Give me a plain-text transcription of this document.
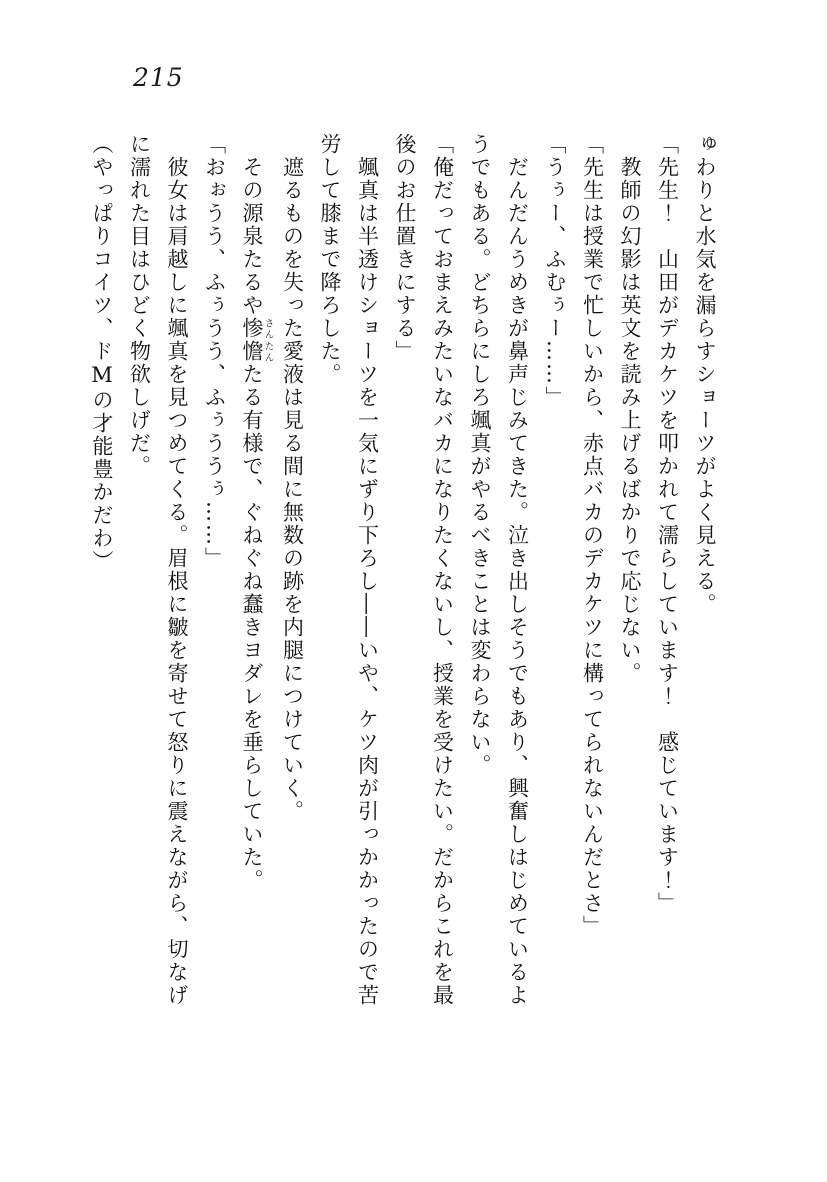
215

ゅわりと水気を漏らすショーツがよく見える。

「先生！　山田がデカケツを叩かれて濡らしています！　感じています！」

教師の幻影は英文を読み上げるばかりで応じない。

「先生は授業で忙しいから、赤点バカのデカケツに構ってられないんだとさ」

「うぅー、ふむぅー……」

だんだんうめきが鼻声じみてきた。泣き出しそうでもあり、興奮しはじめているよ

うでもある。どちらにしろ颯真がやるべきことは変わらない。

「俺だっておまえみたいなバカになりたくないし、授業を受けたい。だからこれを最

後のお仕置きにする」

颯真は半透けショーツを一気にずり下ろし――いや、ケツ肉が引っかかったので苦

労して膝まで降ろした。

遮るものを失った愛液は見る間に無数の跡を内腿につけていく。

その源泉たるや惨憺さんたんたる有様で、ぐねぐね蠢きヨダレを垂らしていた。

「おぉうう、ふぅうう、ふぅううぅ……」

彼女は肩越しに颯真を見つめてくる。眉根に皺を寄せて怒りに震えながら、切なげ

に濡れた目はひどく物欲しげだ。

（やっぱりコイツ、ドMの才能豊かだわ）
